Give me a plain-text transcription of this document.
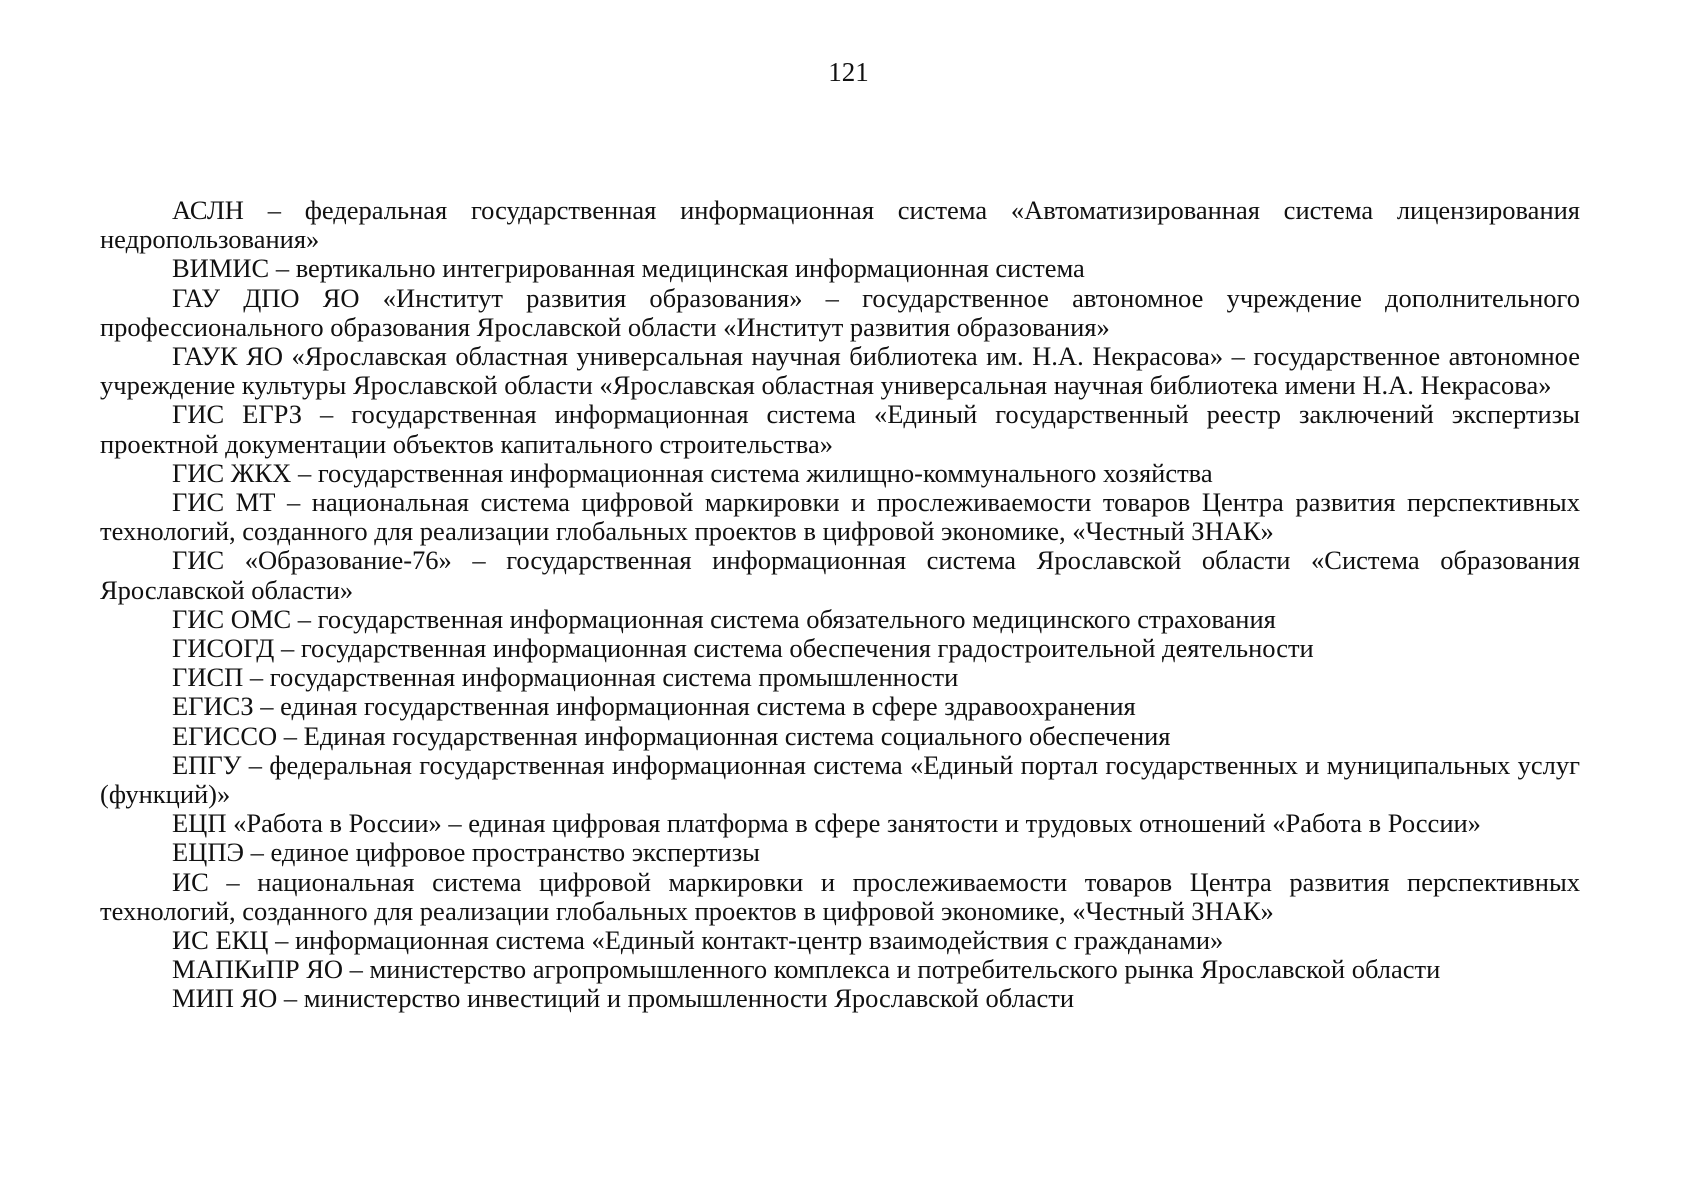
121

АСЛН – федеральная государственная информационная система «Автоматизированная система лицензирования недропользования»

ВИМИС – вертикально интегрированная медицинская информационная система

ГАУ ДПО ЯО «Институт развития образования» – государственное автономное учреждение дополнительного профессионального образования Ярославской области «Институт развития образования»

ГАУК ЯО «Ярославская областная универсальная научная библиотека им. Н.А. Некрасова» – государственное автономное учреждение культуры Ярославской области «Ярославская областная универсальная научная библиотека имени Н.А. Некрасова»

ГИС ЕГРЗ – государственная информационная система «Единый государственный реестр заключений экспертизы проектной документации объектов капитального строительства»

ГИС ЖКХ – государственная информационная система жилищно-коммунального хозяйства

ГИС МТ – национальная система цифровой маркировки и прослеживаемости товаров Центра развития перспективных технологий, созданного для реализации глобальных проектов в цифровой экономике, «Честный ЗНАК»

ГИС «Образование-76» – государственная информационная система Ярославской области «Система образования Ярославской области»

ГИС ОМС – государственная информационная система обязательного медицинского страхования

ГИСОГД – государственная информационная система обеспечения градостроительной деятельности

ГИСП – государственная информационная система промышленности

ЕГИСЗ – единая государственная информационная система в сфере здравоохранения

ЕГИССО – Единая государственная информационная система социального обеспечения

ЕПГУ – федеральная государственная информационная система «Единый портал государственных и муниципальных услуг (функций)»

ЕЦП «Работа в России» – единая цифровая платформа в сфере занятости и трудовых отношений «Работа в России»

ЕЦПЭ – единое цифровое пространство экспертизы

ИС – национальная система цифровой маркировки и прослеживаемости товаров Центра развития перспективных технологий, созданного для реализации глобальных проектов в цифровой экономике, «Честный ЗНАК»

ИС ЕКЦ – информационная система «Единый контакт-центр взаимодействия с гражданами»

МАПКиПР ЯО – министерство агропромышленного комплекса и потребительского рынка Ярославской области

МИП ЯО – министерство инвестиций и промышленности Ярославской области
